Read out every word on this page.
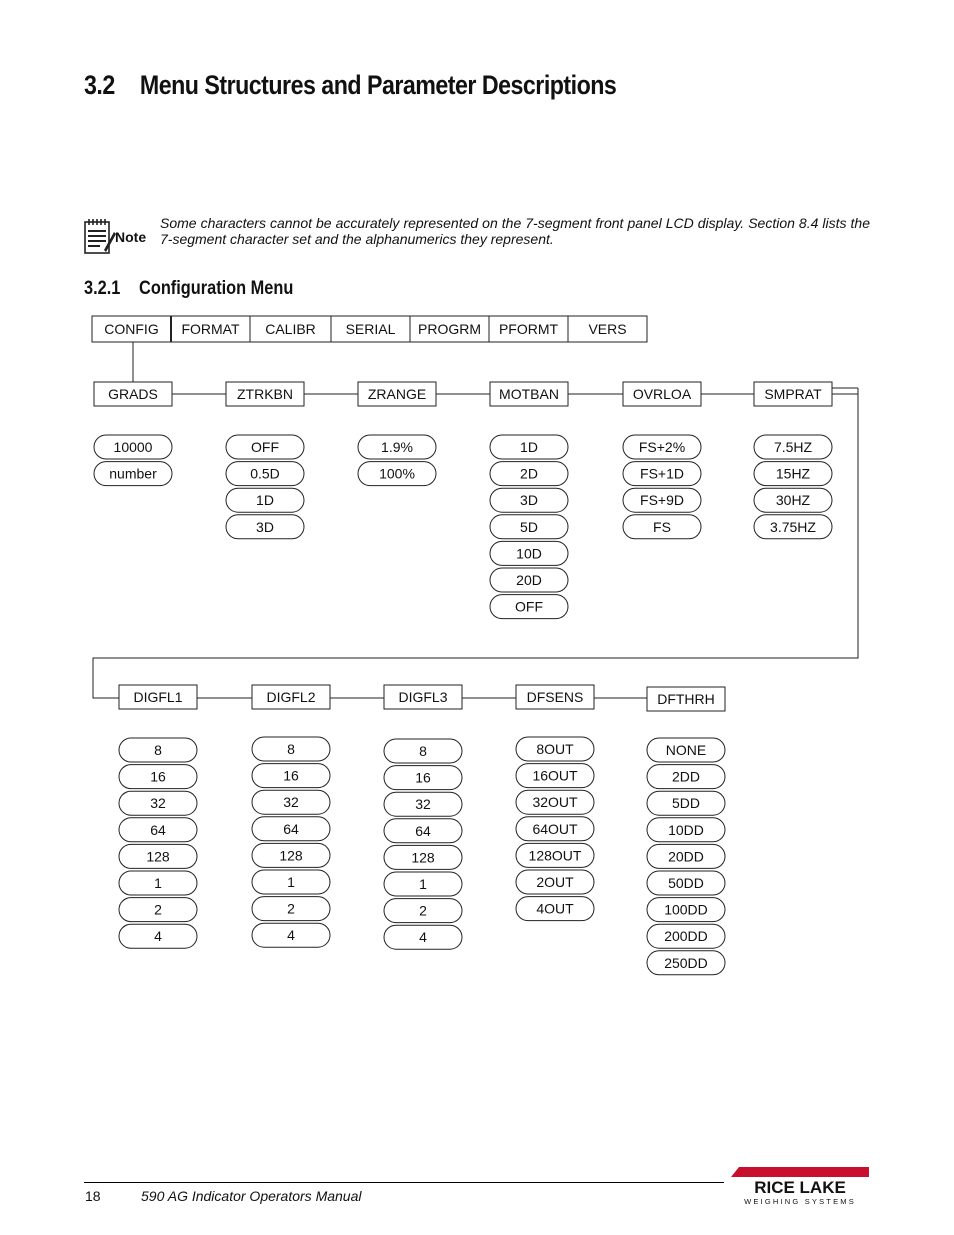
3.2 Menu Structures and Parameter Descriptions
Note
Some characters cannot be accurately represented on the 7-segment front panel LCD display. Section 8.4 lists the 7-segment character set and the alphanumerics they represent.
3.2.1 Configuration Menu
CONFIG FORMAT CALIBR SERIAL PROGRM PFORMT VERS
GRADS
10000
number
ZTRKBN
OFF
0.5D
1D
3D
ZRANGE
1.9%
100%
MOTBAN
1D
2D
3D
5D
10D
20D
OFF
OVRLOA
FS+2%
FS+1D
FS+9D
FS
SMPRAT
7.5HZ
15HZ
30HZ
3.75HZ
DIGFL1
8
16
32
64
128
1
2
4
DIGFL2
8
16
32
64
128
1
2
4
DIGFL3
8
16
32
64
128
1
2
4
DFSENS
8OUT
16OUT
32OUT
64OUT
128OUT
2OUT
4OUT
DFTHRH
NONE
2DD
5DD
10DD
20DD
50DD
100DD
200DD
250DD
18	590 AG Indicator Operators Manual	RICE LAKE
WEIGHING SYSTEMS
